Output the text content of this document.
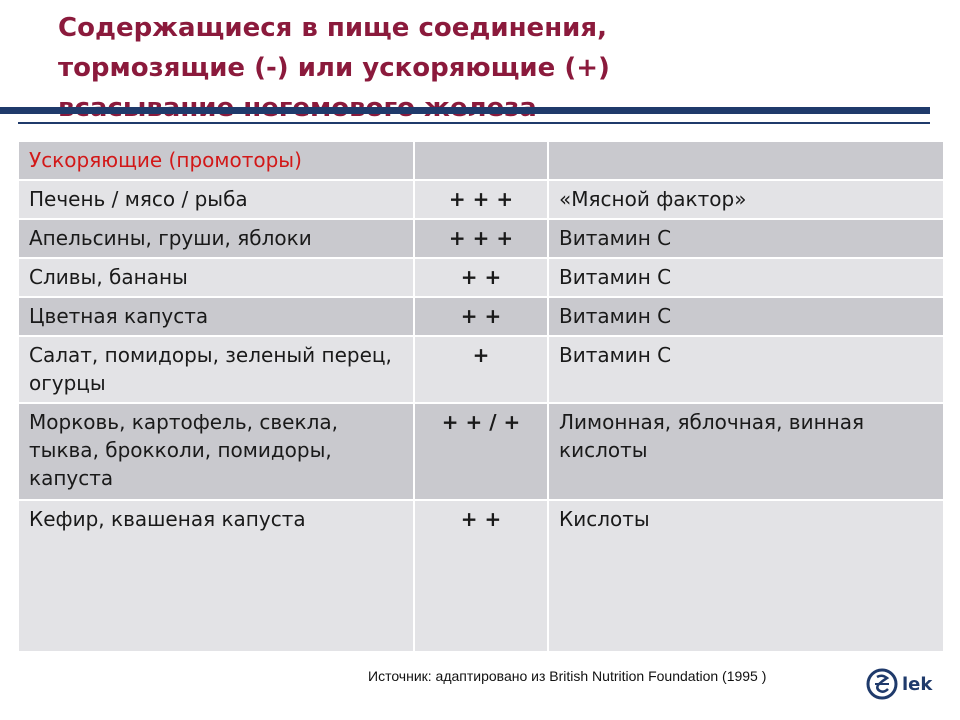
Содержащиеся в пище соединения,
тормозящие (-) или ускоряющие (+)

Ускоряющие (промоторы)		
Печень / мясо / рыба	+ + +	«Мясной фактор»
Апельсины, груши, яблоки	+ + +	Витамин С
Сливы, бананы	+ +	Витамин С
Цветная капуста	+ +	Витамин С
Салат, помидоры, зеленый перец, огурцы	+	Витамин С
Морковь, картофель, свекла, тыква, брокколи, помидоры, капуста	+ + / +	Лимонная, яблочная, винная кислоты
Кефир, квашеная капуста	+ +	Кислоты
Источник: адаптировано из British Nutrition Foundation (1995 )	lek
